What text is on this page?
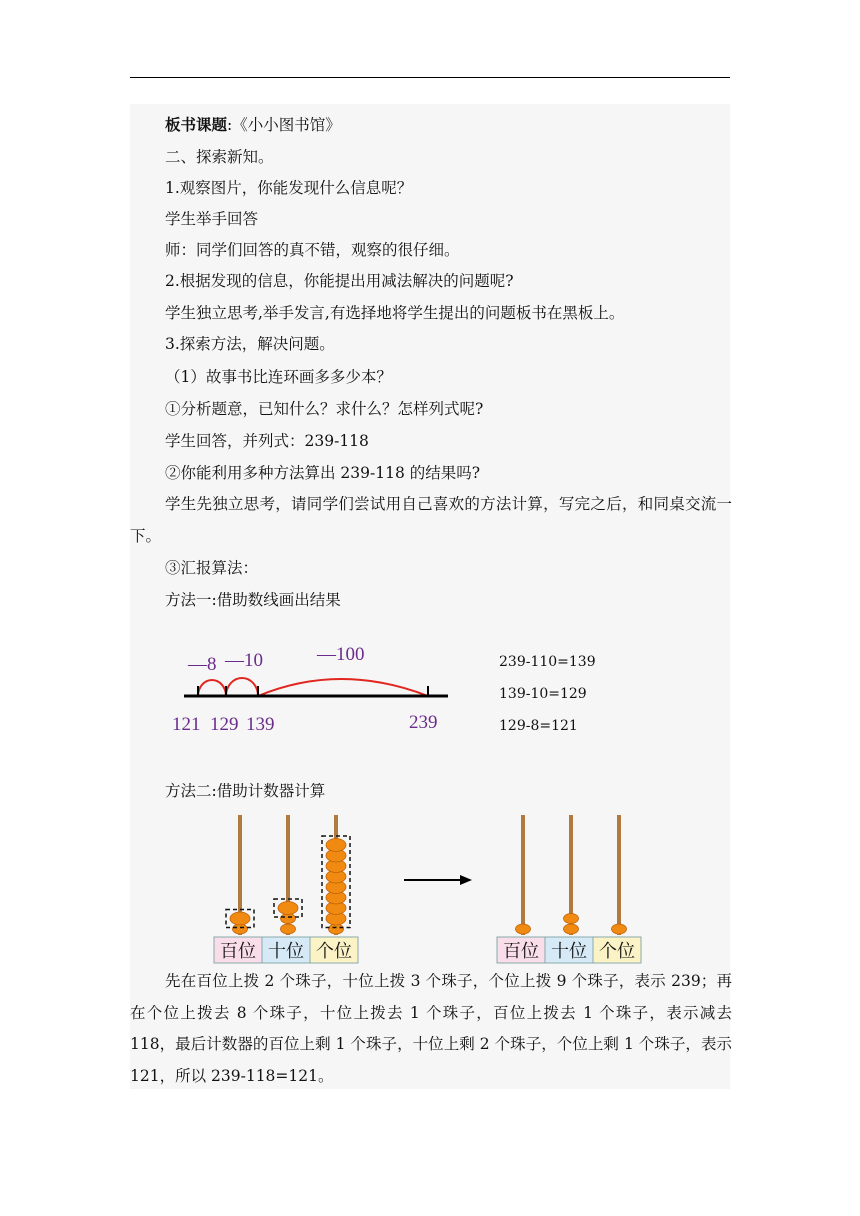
板书课题:《小小图书馆》
二、探索新知。
1.观察图片，你能发现什么信息呢？
学生举手回答
师：同学们回答的真不错，观察的很仔细。
2.根据发现的信息，你能提出用减法解决的问题呢?
学生独立思考,举手发言,有选择地将学生提出的问题板书在黑板上。
3.探索方法，解决问题。
（1）故事书比连环画多多少本？
①分析题意，已知什么？求什么？怎样列式呢?
学生回答，并列式：239-118
②你能利用多种方法算出 239-118 的结果吗?
学生先独立思考，请同学们尝试用自己喜欢的方法计算，写完之后，和同桌交流一下。
③汇报算法：
方法一:借助数线画出结果
—8 —10	—100
121 129 139	239
239-110=139
139-10=129
129-8=121
方法二:借助计数器计算
百位 十位 个位	百位 十位 个位
先在百位上拨 2 个珠子，十位上拨 3 个珠子，个位上拨 9 个珠子，表示 239；再在个位上拨去 8 个珠子，十位上拨去 1 个珠子，百位上拨去 1 个珠子，表示减去 118，最后计数器的百位上剩 1 个珠子，十位上剩 2 个珠子，个位上剩 1 个珠子，表示 121，所以 239-118=121。
